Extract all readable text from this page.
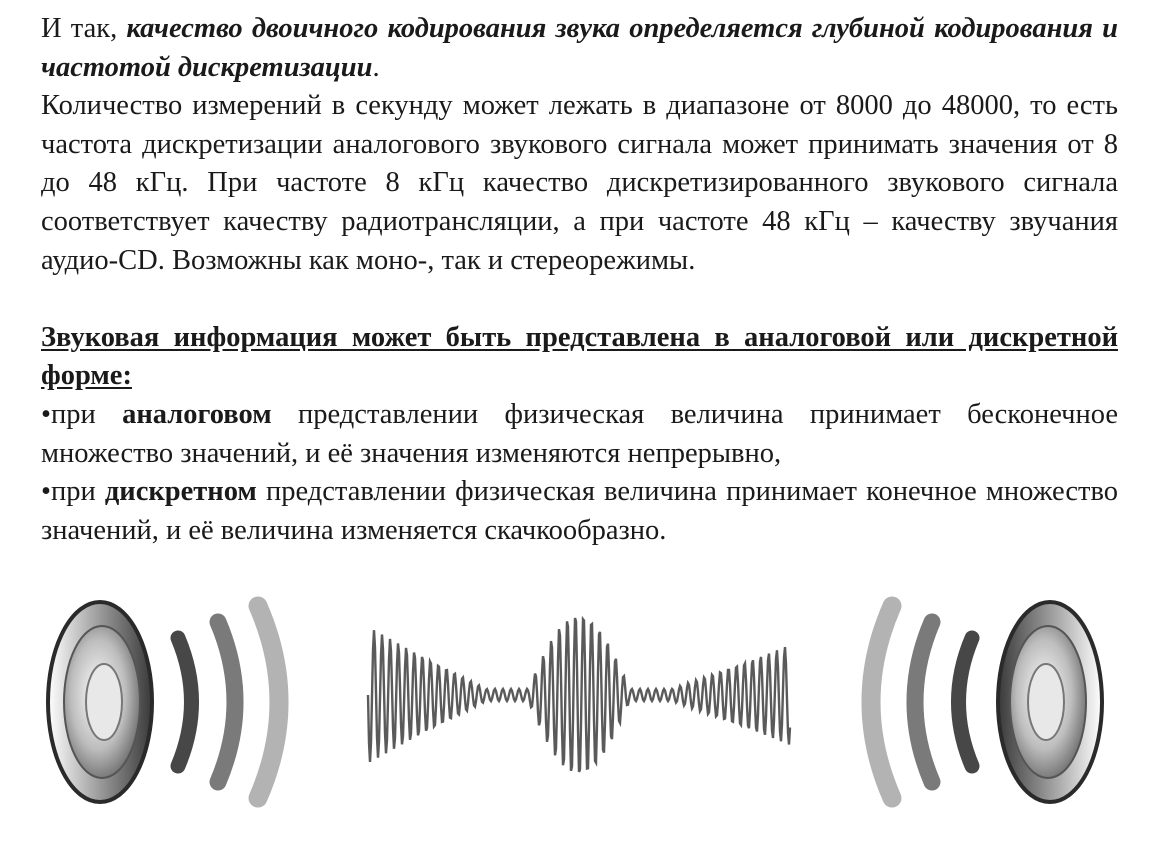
И так, качество двоичного кодирования звука определяется глубиной кодирования и частотой дискретизации.

Количество измерений в секунду может лежать в диапазоне от 8000 до 48000, то есть частота дискретизации аналогового звукового сигнала может принимать значения от 8 до 48 кГц. При частоте 8 кГц качество дискретизированного звукового сигнала соответствует качеству радиотрансляции, а при частоте 48 кГц – качеству звучания аудио-CD. Возможны как моно-, так и стереорежимы.

Звуковая информация может быть представлена в аналоговой или дискретной форме:

•при аналоговом представлении физическая величина принимает бесконечное множество значений, и её значения изменяются непрерывно,

•при дискретном представлении физическая величина принимает конечное множество значений, и её величина изменяется скачкообразно.
